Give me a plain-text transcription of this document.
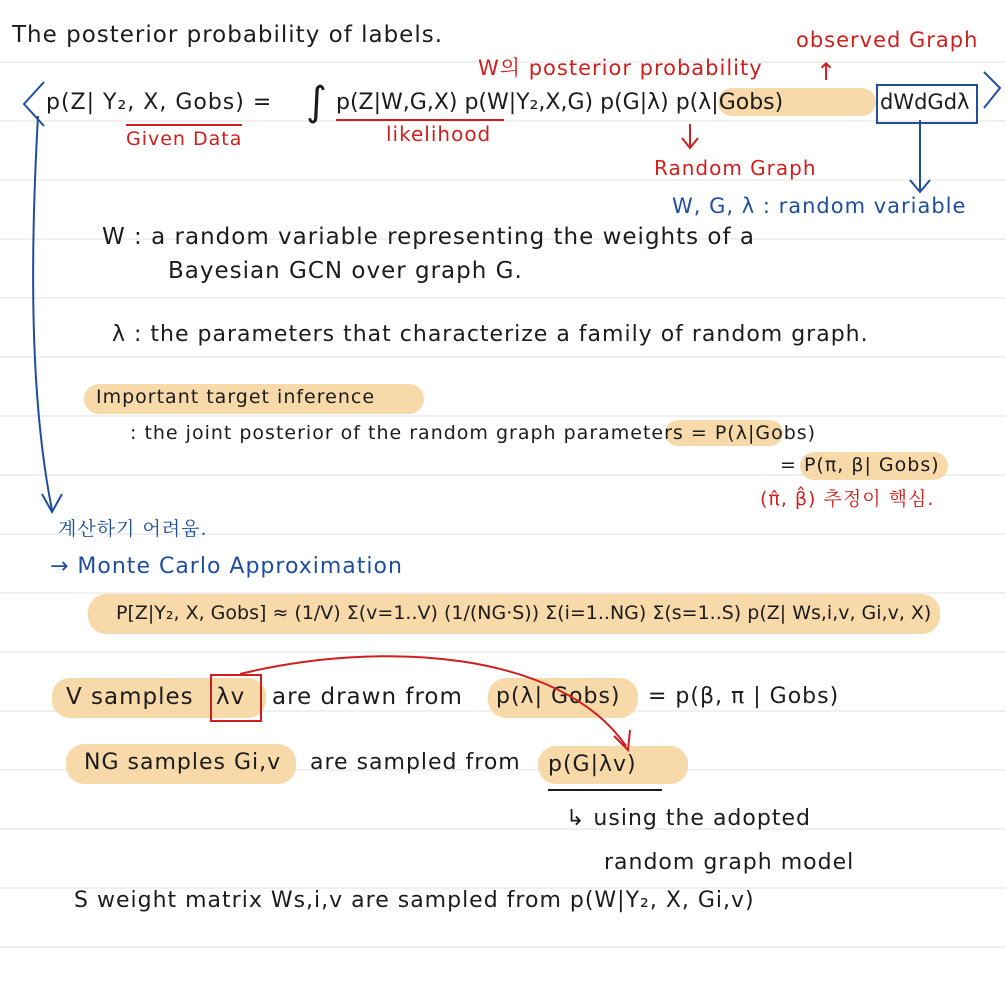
The posterior probability of labels.	observed Graph
W의 posterior probability ↑
p(Z| Y₂, X, Gobs) = ∫ p(Z|W,G,X) p(W|Y₂,X,G) p(G|λ) p(λ|Gobs)	dWdGdλ
Given Data	likelihood
Random Graph
W, G, λ : random variable
W : a random variable representing the weights of a
Bayesian GCN over graph G.
λ : the parameters that characterize a family of random graph.
Important target inference
: the joint posterior of the random graph parameters = P(λ|Gobs)
= P(π, β| Gobs)
(π̂, β̂) 추정이 핵심.
계산하기 어려움.
→ Monte Carlo Approximation
P[Z|Y₂, X, Gobs] ≈ (1/V) Σ(v=1..V) (1/(NG·S)) Σ(i=1..NG) Σ(s=1..S) p(Z| Ws,i,v, Gi,v, X)
V samples λv are drawn from p(λ| Gobs) = p(β, π | Gobs)
NG samples Gi,v are sampled from p(G|λv)
↳ using the adopted
random graph model
S weight matrix Ws,i,v are sampled from p(W|Y₂, X, Gi,v)
